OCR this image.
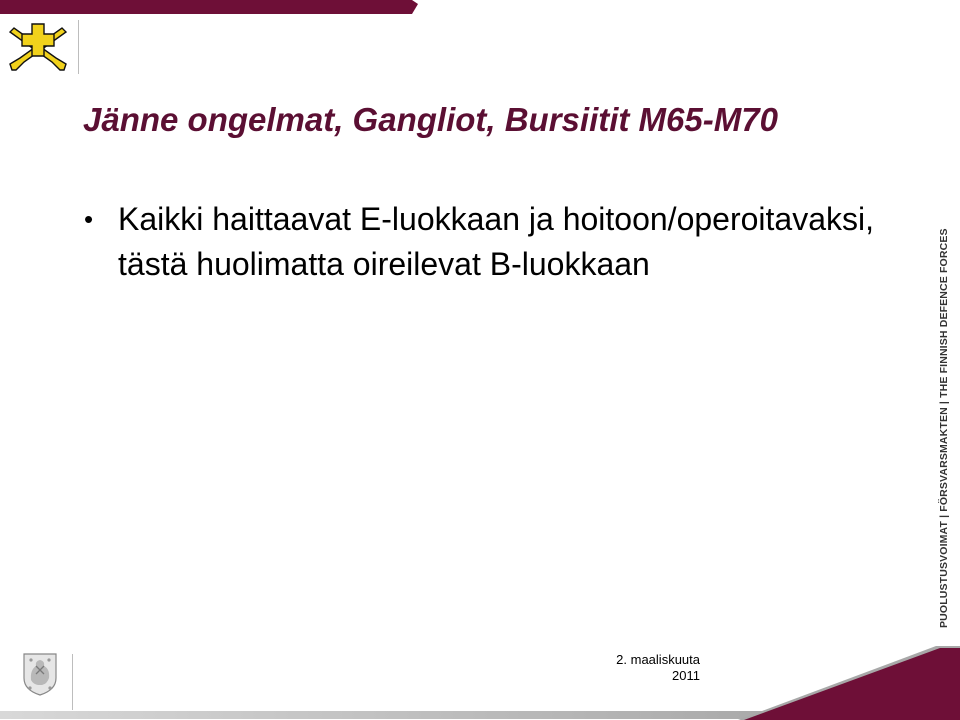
Jänne ongelmat, Gangliot, Bursiitit M65-M70
• Kaikki haittaavat E-luokkaan ja hoitoon/operoitavaksi, tästä huolimatta oireilevat B-luokkaan	PUOLUSTUSVOIMAT | FÖRSVARSMAKTEN | THE FINNISH DEFENCE FORCES
2. maaliskuuta
2011
